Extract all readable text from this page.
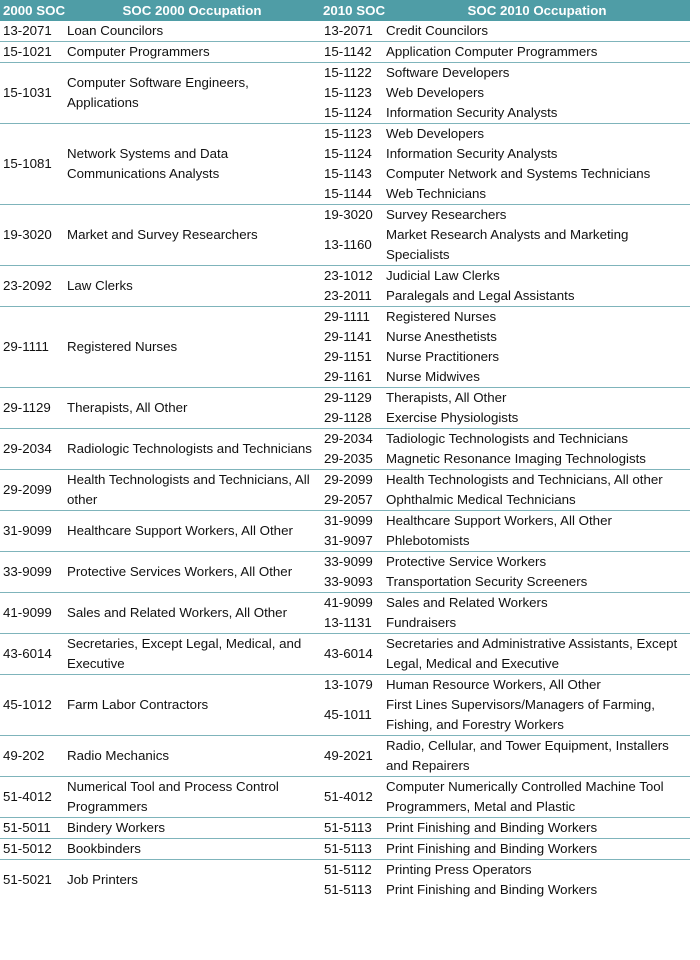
2000 SOC	SOC 2000 Occupation	2010 SOC	SOC 2010 Occupation
13-2071	Loan Councilors	13-2071	Credit Councilors
15-1021	Computer Programmers	15-1142	Application Computer Programmers
15-1031	Computer Software Engineers, Applications	15-1122	Software Developers
		15-1123	Web Developers
		15-1124	Information Security Analysts
15-1081	Network Systems and Data Communications Analysts	15-1123	Web Developers
		15-1124	Information Security Analysts
		15-1143	Computer Network and Systems Technicians
		15-1144	Web Technicians
19-3020	Market and Survey Researchers	19-3020	Survey Researchers
		13-1160	Market Research Analysts and Marketing Specialists
23-2092	Law Clerks	23-1012	Judicial Law Clerks
		23-2011	Paralegals and Legal Assistants
29-1111	Registered Nurses	29-1111	Registered Nurses
		29-1141	Nurse Anesthetists
		29-1151	Nurse Practitioners
		29-1161	Nurse Midwives
29-1129	Therapists, All Other	29-1129	Therapists, All Other
		29-1128	Exercise Physiologists
29-2034	Radiologic Technologists and Technicians	29-2034	Tadiologic Technologists and Technicians
		29-2035	Magnetic Resonance Imaging Technologists
29-2099	Health Technologists and Technicians, All other	29-2099	Health Technologists and Technicians, All other
		29-2057	Ophthalmic Medical Technicians
31-9099	Healthcare Support Workers, All Other	31-9099	Healthcare Support Workers, All Other
		31-9097	Phlebotomists
33-9099	Protective Services Workers, All Other	33-9099	Protective Service Workers
		33-9093	Transportation Security Screeners
41-9099	Sales and Related Workers, All Other	41-9099	Sales and Related Workers
		13-1131	Fundraisers
43-6014	Secretaries, Except Legal, Medical, and Executive	43-6014	Secretaries and Administrative Assistants, Except Legal, Medical and Executive
45-1012	Farm Labor Contractors	13-1079	Human Resource Workers, All Other
		45-1011	First Lines Supervisors/Managers of Farming, Fishing, and Forestry Workers
49-202	Radio Mechanics	49-2021	Radio, Cellular, and Tower Equipment, Installers and Repairers
51-4012	Numerical Tool and Process Control Programmers	51-4012	Computer Numerically Controlled Machine Tool Programmers, Metal and Plastic
51-5011	Bindery Workers	51-5113	Print Finishing and Binding Workers
51-5012	Bookbinders	51-5113	Print Finishing and Binding Workers
51-5021	Job Printers	51-5112	Printing Press Operators
		51-5113	Print Finishing and Binding Workers
